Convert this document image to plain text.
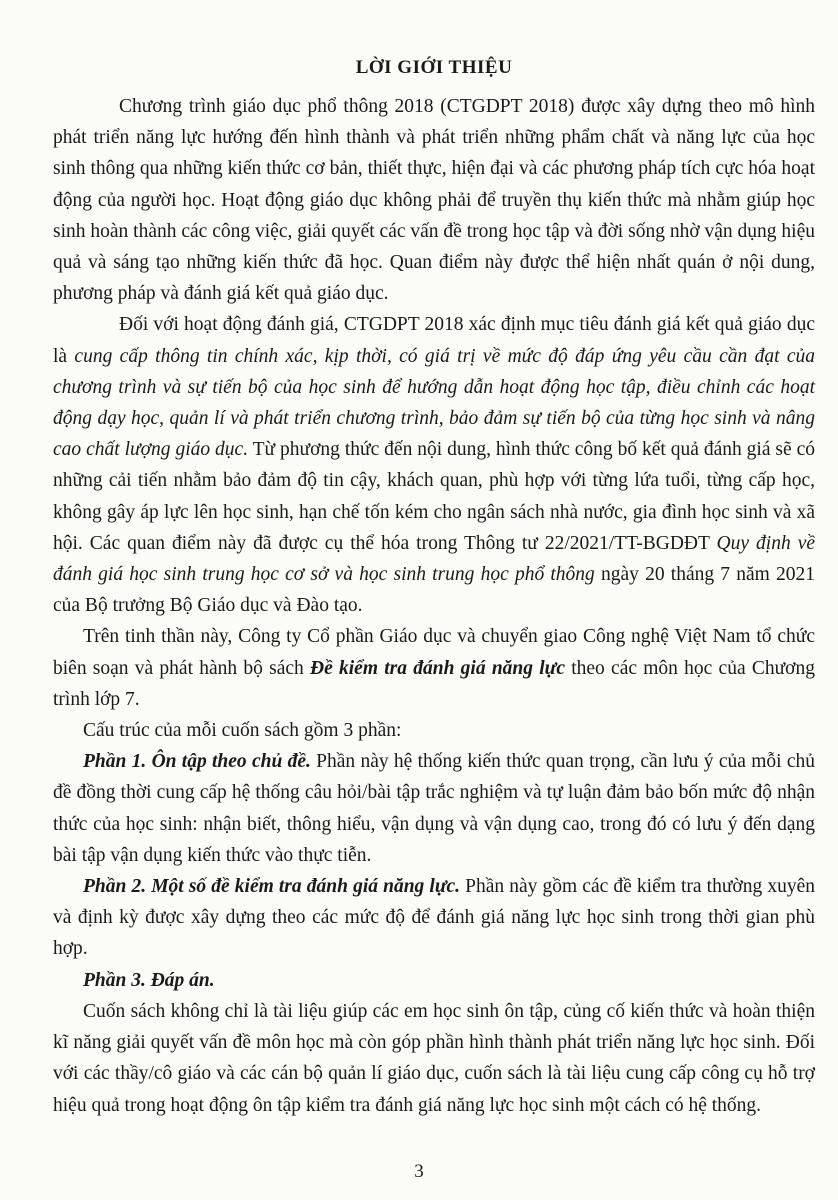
LỜI GIỚI THIỆU

Chương trình giáo dục phổ thông 2018 (CTGDPT 2018) được xây dựng theo mô hình phát triển năng lực hướng đến hình thành và phát triển những phẩm chất và năng lực của học sinh thông qua những kiến thức cơ bản, thiết thực, hiện đại và các phương pháp tích cực hóa hoạt động của người học. Hoạt động giáo dục không phải để truyền thụ kiến thức mà nhằm giúp học sinh hoàn thành các công việc, giải quyết các vấn đề trong học tập và đời sống nhờ vận dụng hiệu quả và sáng tạo những kiến thức đã học. Quan điểm này được thể hiện nhất quán ở nội dung, phương pháp và đánh giá kết quả giáo dục.

Đối với hoạt động đánh giá, CTGDPT 2018 xác định mục tiêu đánh giá kết quả giáo dục là cung cấp thông tin chính xác, kịp thời, có giá trị về mức độ đáp ứng yêu cầu cần đạt của chương trình và sự tiến bộ của học sinh để hướng dẫn hoạt động học tập, điều chỉnh các hoạt động dạy học, quản lí và phát triển chương trình, bảo đảm sự tiến bộ của từng học sinh và nâng cao chất lượng giáo dục. Từ phương thức đến nội dung, hình thức công bố kết quả đánh giá sẽ có những cải tiến nhằm bảo đảm độ tin cậy, khách quan, phù hợp với từng lứa tuổi, từng cấp học, không gây áp lực lên học sinh, hạn chế tốn kém cho ngân sách nhà nước, gia đình học sinh và xã hội. Các quan điểm này đã được cụ thể hóa trong Thông tư 22/2021/TT-BGDĐT Quy định về đánh giá học sinh trung học cơ sở và học sinh trung học phổ thông ngày 20 tháng 7 năm 2021 của Bộ trưởng Bộ Giáo dục và Đào tạo.

Trên tinh thần này, Công ty Cổ phần Giáo dục và chuyển giao Công nghệ Việt Nam tổ chức biên soạn và phát hành bộ sách Đề kiểm tra đánh giá năng lực theo các môn học của Chương trình lớp 7.

Cấu trúc của mỗi cuốn sách gồm 3 phần:

Phần 1. Ôn tập theo chủ đề. Phần này hệ thống kiến thức quan trọng, cần lưu ý của mỗi chủ đề đồng thời cung cấp hệ thống câu hỏi/bài tập trắc nghiệm và tự luận đảm bảo bốn mức độ nhận thức của học sinh: nhận biết, thông hiểu, vận dụng và vận dụng cao, trong đó có lưu ý đến dạng bài tập vận dụng kiến thức vào thực tiễn.

Phần 2. Một số đề kiểm tra đánh giá năng lực. Phần này gồm các đề kiểm tra thường xuyên và định kỳ được xây dựng theo các mức độ để đánh giá năng lực học sinh trong thời gian phù hợp.

Phần 3. Đáp án.

Cuốn sách không chỉ là tài liệu giúp các em học sinh ôn tập, củng cố kiến thức và hoàn thiện kĩ năng giải quyết vấn đề môn học mà còn góp phần hình thành phát triển năng lực học sinh. Đối với các thầy/cô giáo và các cán bộ quản lí giáo dục, cuốn sách là tài liệu cung cấp công cụ hỗ trợ hiệu quả trong hoạt động ôn tập kiểm tra đánh giá năng lực học sinh một cách có hệ thống.

3
